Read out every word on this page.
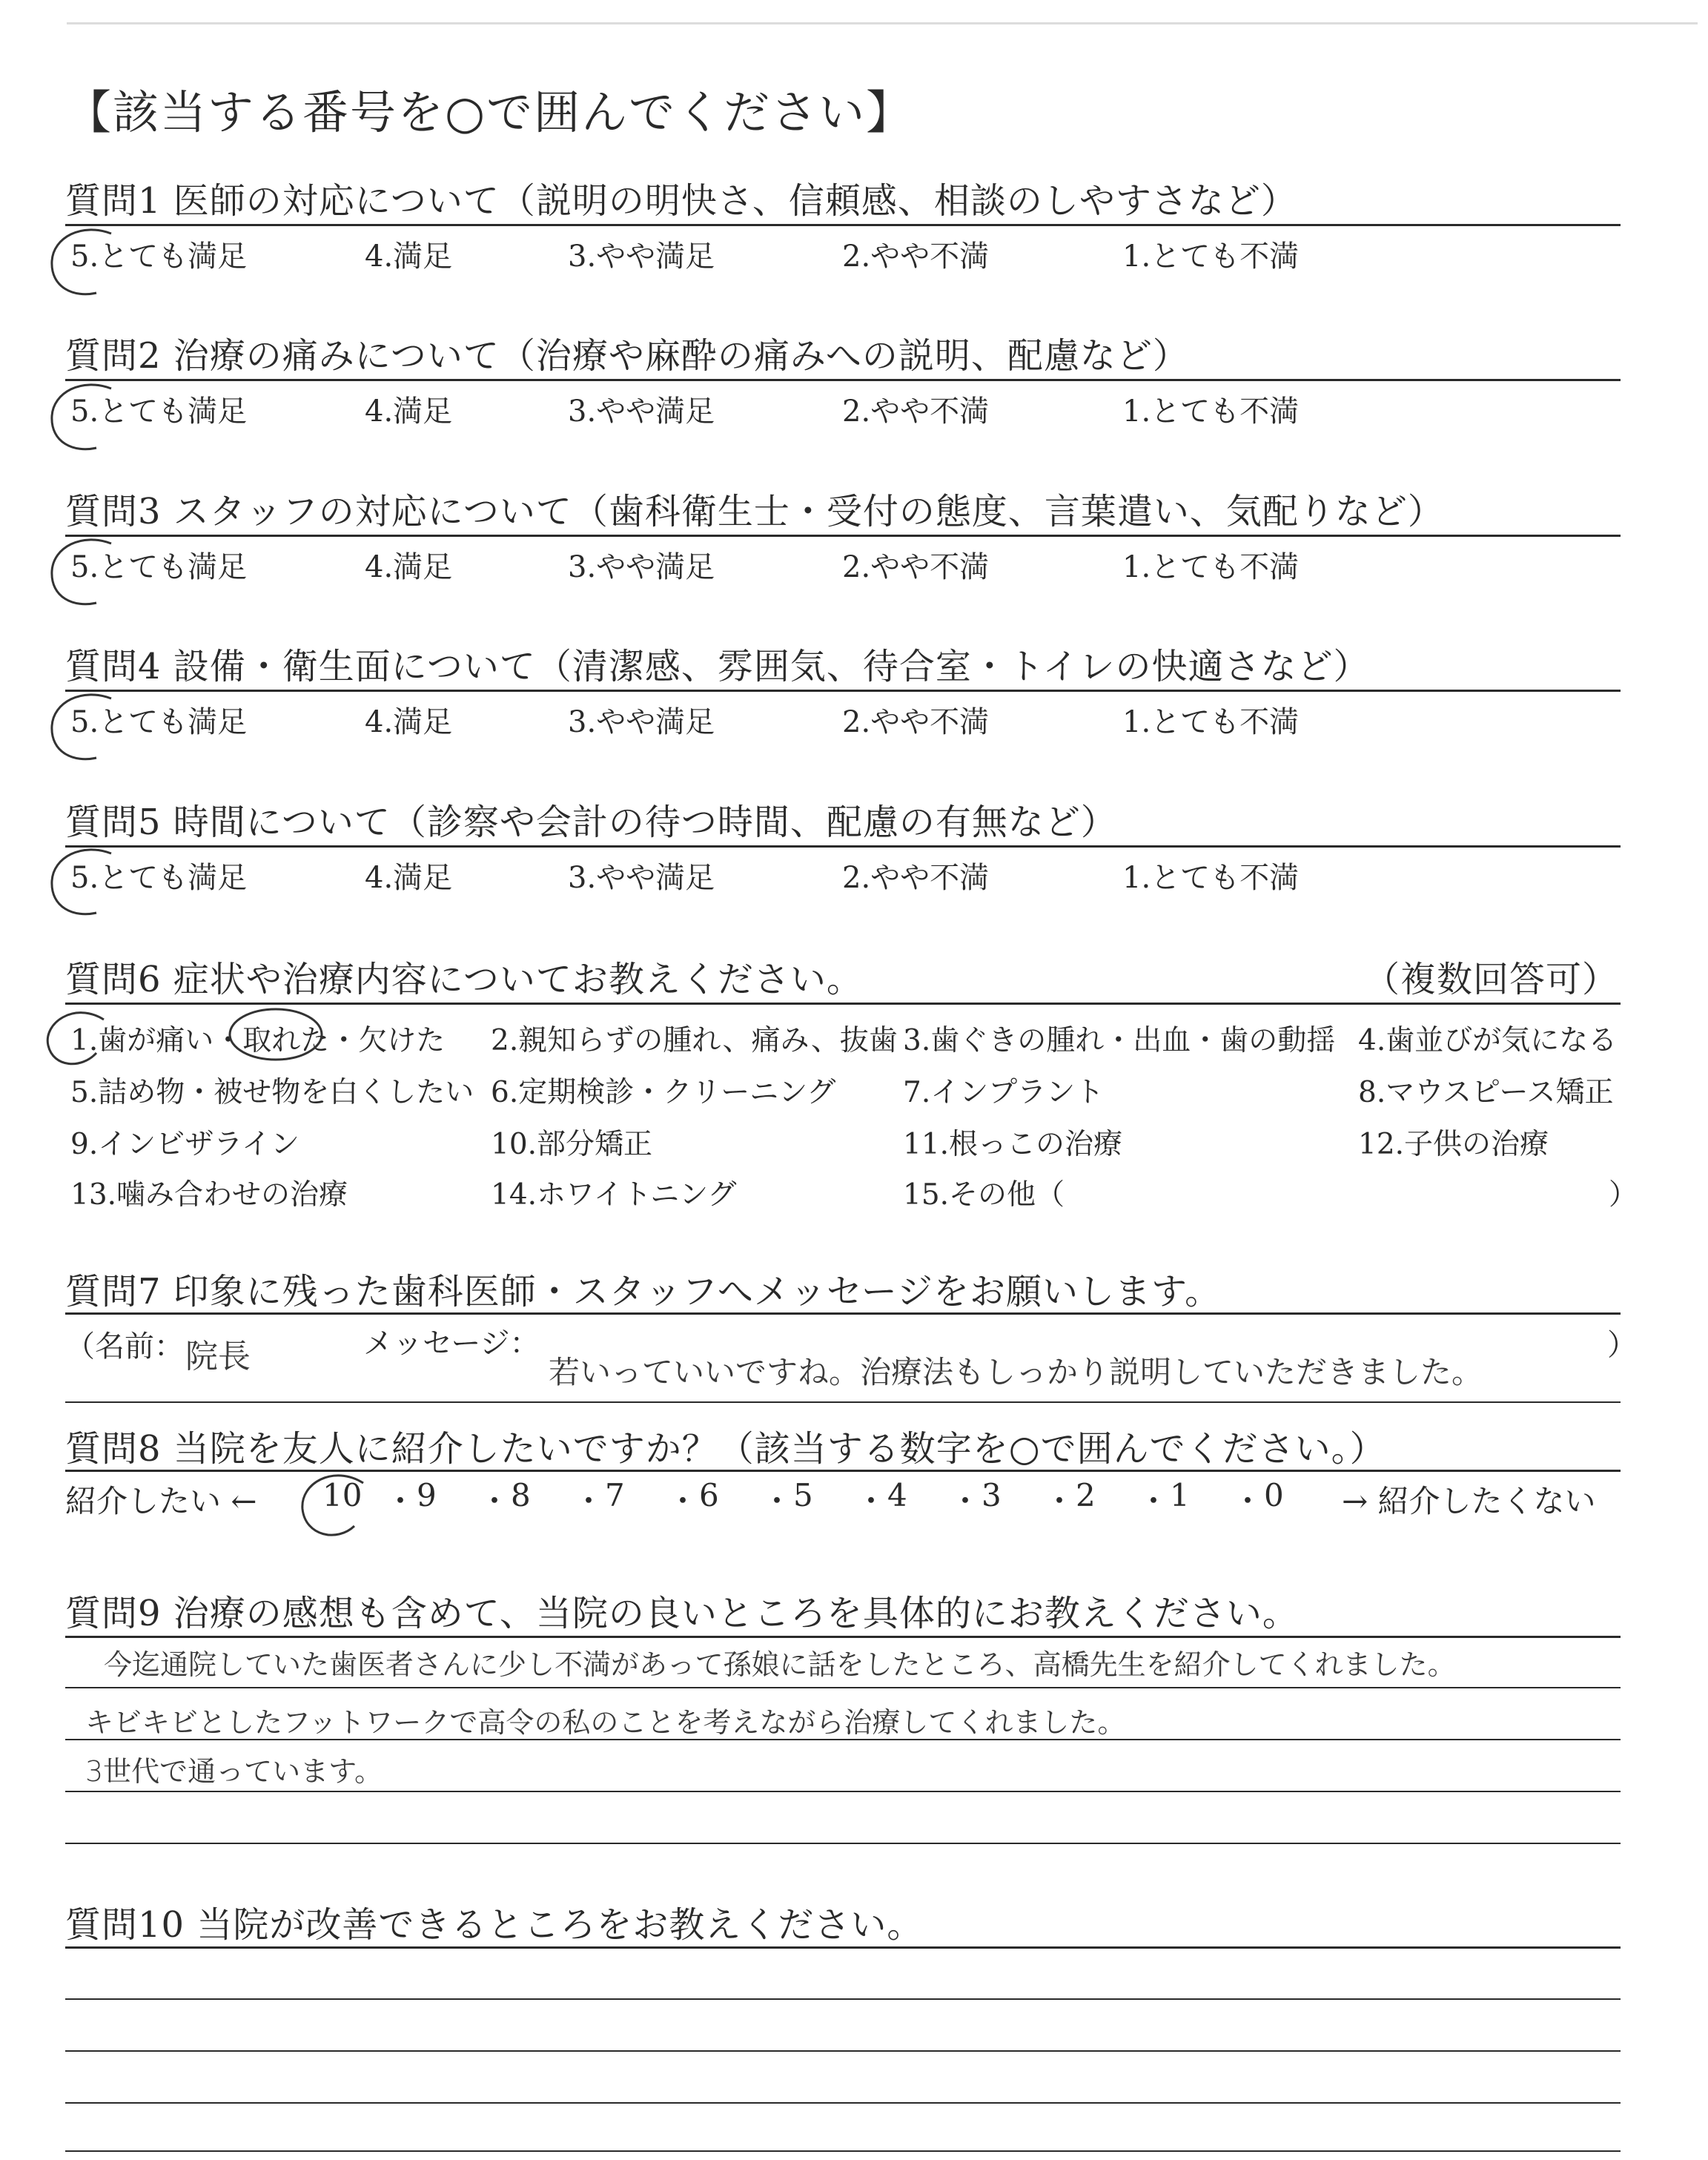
【該当する番号を○で囲んでください】
質問1 医師の対応について（説明の明快さ、信頼感、相談のしやすさなど）
5.とても満足	4.満足	3.やや満足	2.やや不満	1.とても不満
質問2 治療の痛みについて（治療や麻酔の痛みへの説明、配慮など）
5.とても満足	4.満足	3.やや満足	2.やや不満	1.とても不満
質問3 スタッフの対応について（歯科衛生士・受付の態度、言葉遣い、気配りなど）
5.とても満足	4.満足	3.やや満足	2.やや不満	1.とても不満
質問4 設備・衛生面について（清潔感、雰囲気、待合室・トイレの快適さなど）
5.とても満足	4.満足	3.やや満足	2.やや不満	1.とても不満
質問5 時間について（診察や会計の待つ時間、配慮の有無など）
5.とても満足	4.満足	3.やや満足	2.やや不満	1.とても不満
質問6 症状や治療内容についてお教えください。	（複数回答可）
1.歯が痛い・取れた・欠けた 2.親知らずの腫れ、痛み、抜歯 3.歯ぐきの腫れ・出血・歯の動揺 4.歯並びが気になる
5.詰め物・被せ物を白くしたい 6.定期検診・クリーニング 7.インプラント	8.マウスピース矯正
9.インビザライン	10.部分矯正	11.根っこの治療	12.子供の治療
13.噛み合わせの治療	14.ホワイトニング	15.その他（	）
質問7 印象に残った歯科医師・スタッフへメッセージをお願いします。
（名前： 院長	メッセージ：
若いっていいですね。治療法もしっかり説明していただきました。
）
質問8 当院を友人に紹介したいですか？（該当する数字を○で囲んでください。）
紹介したい ← 10 ・ 9 ・ 8 ・ 7 ・ 6 ・ 5 ・ 4 ・ 3 ・ 2 ・ 1 ・ 0 → 紹介したくない
質問9 治療の感想も含めて、当院の良いところを具体的にお教えください。
今迄通院していた歯医者さんに少し不満があって孫娘に話をしたところ、高橋先生を紹介してくれました。
キビキビとしたフットワークで高令の私のことを考えながら治療してくれました。
3世代で通っています。
質問10 当院が改善できるところをお教えください。
